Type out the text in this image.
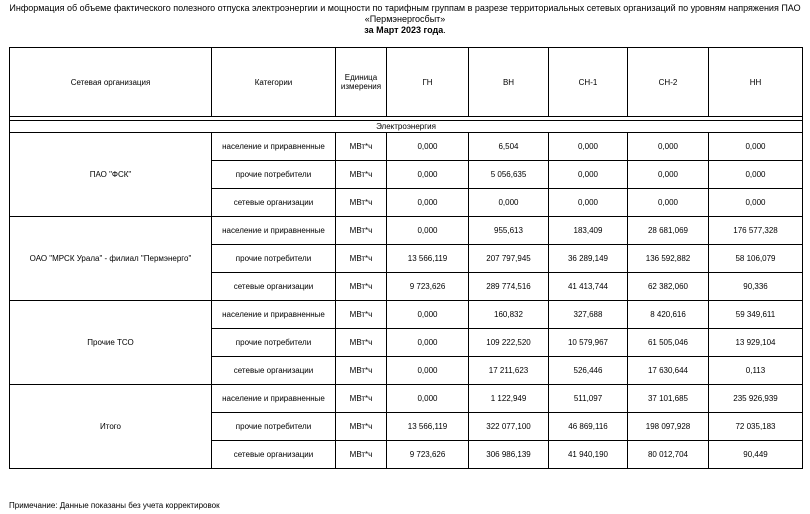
Информация об объеме фактического полезного отпуска электроэнергии и мощности по тарифным группам в разрезе территориальных сетевых организаций по уровням напряжения ПАО
«Пермэнергосбыт»
за Март 2023 года.
Сетевая организация	Категории	Единица
измерения	ГН	ВН	СН-1	СН-2	НН

Электроэнергия							
ПАО "ФСК"	население и приравненные	МВт*ч	0,000	6,504	0,000	0,000	0,000
	прочие потребители	МВт*ч	0,000	5 056,635	0,000	0,000	0,000
	сетевые организации	МВт*ч	0,000	0,000	0,000	0,000	0,000
ОАО "МРСК Урала" - филиал "Пермэнерго"	население и приравненные	МВт*ч	0,000	955,613	183,409	28 681,069	176 577,328
	прочие потребители	МВт*ч	13 566,119	207 797,945	36 289,149	136 592,882	58 106,079
	сетевые организации	МВт*ч	9 723,626	289 774,516	41 413,744	62 382,060	90,336
Прочие ТСО	население и приравненные	МВт*ч	0,000	160,832	327,688	8 420,616	59 349,611
	прочие потребители	МВт*ч	0,000	109 222,520	10 579,967	61 505,046	13 929,104
	сетевые организации	МВт*ч	0,000	17 211,623	526,446	17 630,644	0,113
Итого	население и приравненные	МВт*ч	0,000	1 122,949	511,097	37 101,685	235 926,939
	прочие потребители	МВт*ч	13 566,119	322 077,100	46 869,116	198 097,928	72 035,183
	сетевые организации	МВт*ч	9 723,626	306 986,139	41 940,190	80 012,704	90,449
Примечание: Данные показаны без учета корректировок
